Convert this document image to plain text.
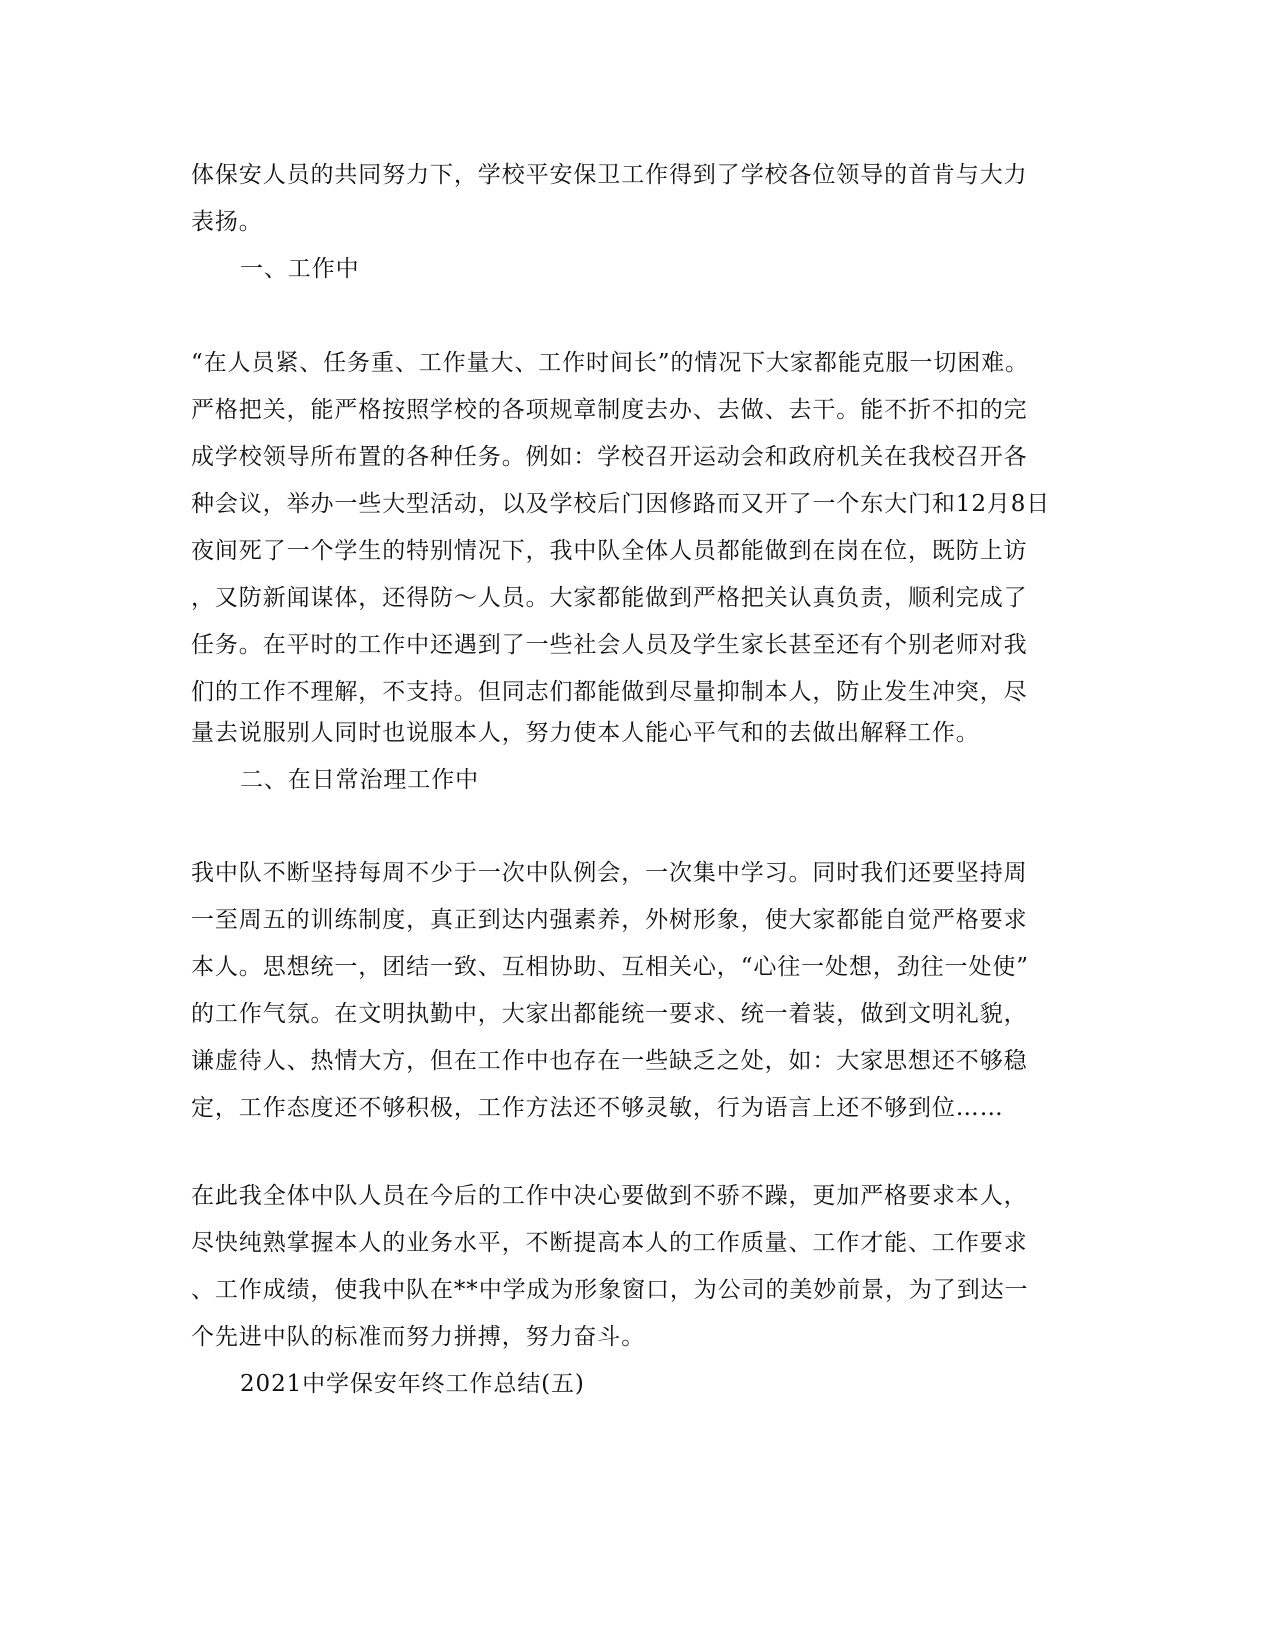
体保安人员的共同努力下，学校平安保卫工作得到了学校各位领导的首肯与大力
表扬。
一、工作中
“在人员紧、任务重、工作量大、工作时间长”的情况下大家都能克服一切困难。
严格把关，能严格按照学校的各项规章制度去办、去做、去干。能不折不扣的完
成学校领导所布置的各种任务。例如：学校召开运动会和政府机关在我校召开各
种会议，举办一些大型活动，以及学校后门因修路而又开了一个东大门和12月8日
夜间死了一个学生的特别情况下，我中队全体人员都能做到在岗在位，既防上访
，又防新闻谋体，还得防～人员。大家都能做到严格把关认真负责，顺利完成了
任务。在平时的工作中还遇到了一些社会人员及学生家长甚至还有个别老师对我
们的工作不理解，不支持。但同志们都能做到尽量抑制本人，防止发生冲突，尽
量去说服别人同时也说服本人，努力使本人能心平气和的去做出解释工作。
二、在日常治理工作中
我中队不断坚持每周不少于一次中队例会，一次集中学习。同时我们还要坚持周
一至周五的训练制度，真正到达内强素养，外树形象，使大家都能自觉严格要求
本人。思想统一，团结一致、互相协助、互相关心，“心往一处想，劲往一处使”
的工作气氛。在文明执勤中，大家出都能统一要求、统一着装，做到文明礼貌，
谦虚待人、热情大方，但在工作中也存在一些缺乏之处，如：大家思想还不够稳
定，工作态度还不够积极，工作方法还不够灵敏，行为语言上还不够到位……
在此我全体中队人员在今后的工作中决心要做到不骄不躁，更加严格要求本人，
尽快纯熟掌握本人的业务水平，不断提高本人的工作质量、工作才能、工作要求
、工作成绩，使我中队在**中学成为形象窗口，为公司的美妙前景，为了到达一
个先进中队的标准而努力拼搏，努力奋斗。
2021中学保安年终工作总结(五)
